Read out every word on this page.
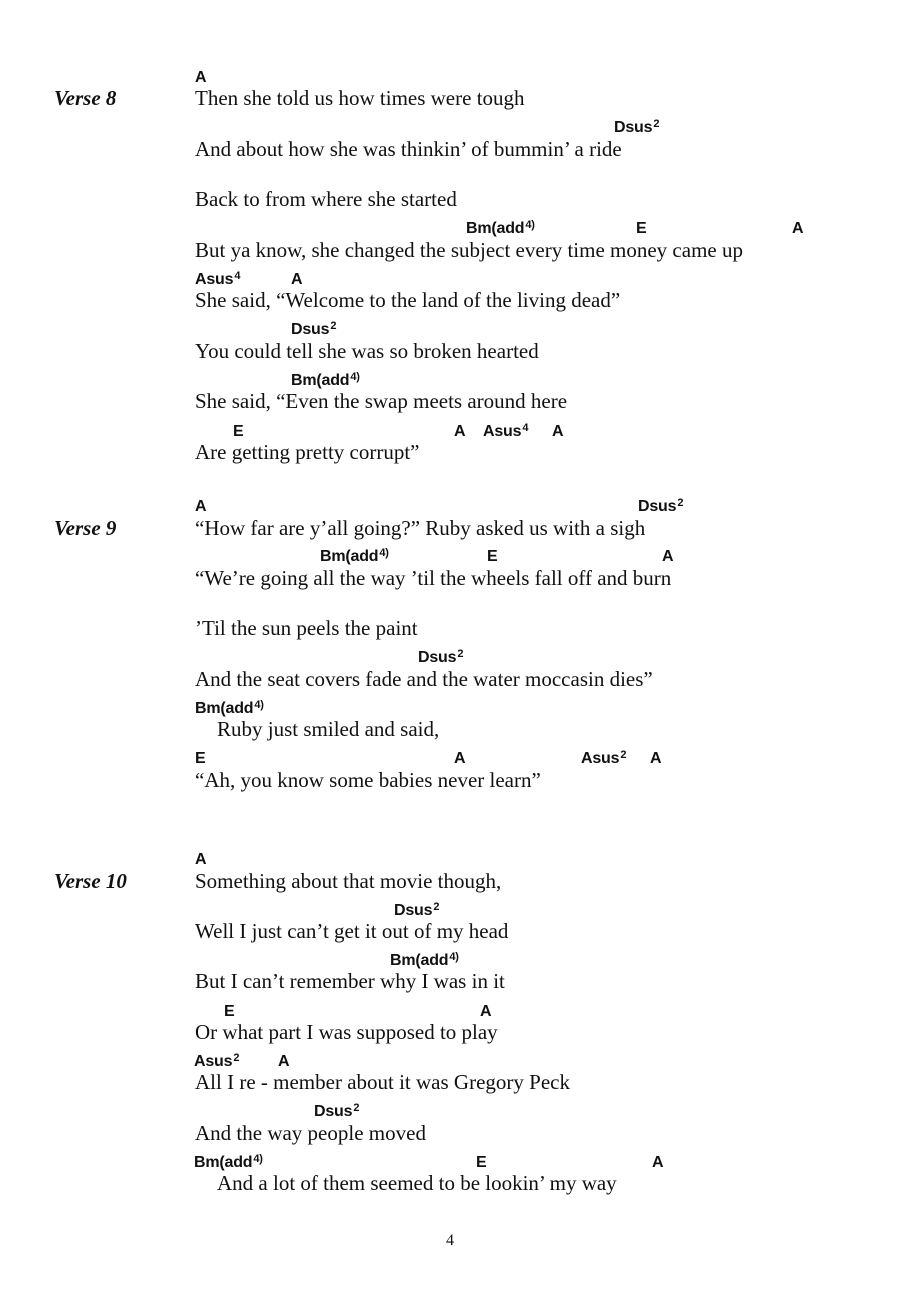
Verse 8
A
Then she told us how times were tough
Dsus$^2$
And about how she was thinkin’ of bummin’ a ride
Back to from where she started
Bm(add$^{4)}$	E	A
But ya know, she changed the subject every time money came up
Asus$^4$	A
She said, “Welcome to the land of the living dead”
Dsus$^2$
You could tell she was so broken hearted
Bm(add$^{4)}$
She said, “Even the swap meets around here
E	A Asus$^4$ A
Are getting pretty corrupt”
Verse 9
A	Dsus$^2$
“How far are y’all going?” Ruby asked us with a sigh
Bm(add$^{4)}$	E	A
“We’re going all the way ’til the wheels fall off and burn
’Til the sun peels the paint
Dsus$^2$
And the seat covers fade and the water moccasin dies”
Bm(add$^{4)}$
Ruby just smiled and said,
E	A	Asus$^2$ A
“Ah, you know some babies never learn”
Verse 10
A
Something about that movie though,
Dsus$^2$
Well I just can’t get it out of my head
Bm(add$^{4)}$
But I can’t remember why I was in it
E	A
Or what part I was supposed to play
Asus$^2$ A
All I re - member about it was Gregory Peck
Dsus$^2$
And the way people moved
Bm(add$^{4)}$	E	A
And a lot of them seemed to be lookin’ my way
4
